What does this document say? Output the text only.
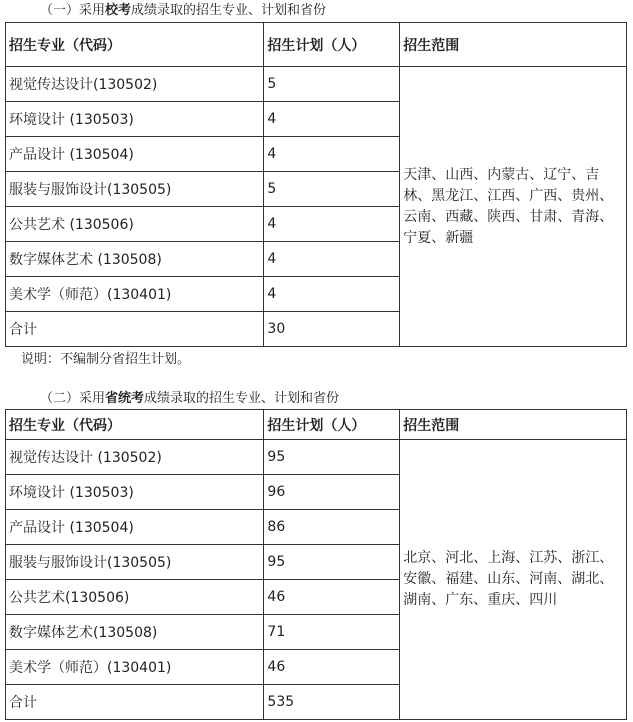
（一）采用校考成绩录取的招生专业、计划和省份
招生专业（代码）	招生计划（人）	招生范围
视觉传达设计(130502)	5	天津、山西、内蒙古、辽宁、吉林、黑龙江、江西、广西、贵州、云南、西藏、陕西、甘肃、青海、宁夏、新疆
环境设计 (130503)	4	
产品设计 (130504)	4	
服装与服饰设计(130505)	5	
公共艺术 (130506)	4	
数字媒体艺术 (130508)	4	
美术学（师范）(130401)	4	
合计	30	
说明：不编制分省招生计划。
（二）采用省统考成绩录取的招生专业、计划和省份
招生专业（代码）	招生计划（人）	招生范围
视觉传达设计 (130502)	95	北京、河北、上海、江苏、浙江、安徽、福建、山东、河南、湖北、湖南、广东、重庆、四川
环境设计 (130503)	96	
产品设计 (130504)	86	
服装与服饰设计(130505)	95	
公共艺术(130506)	46	
数字媒体艺术(130508)	71	
美术学（师范）(130401)	46	
合计	535	
